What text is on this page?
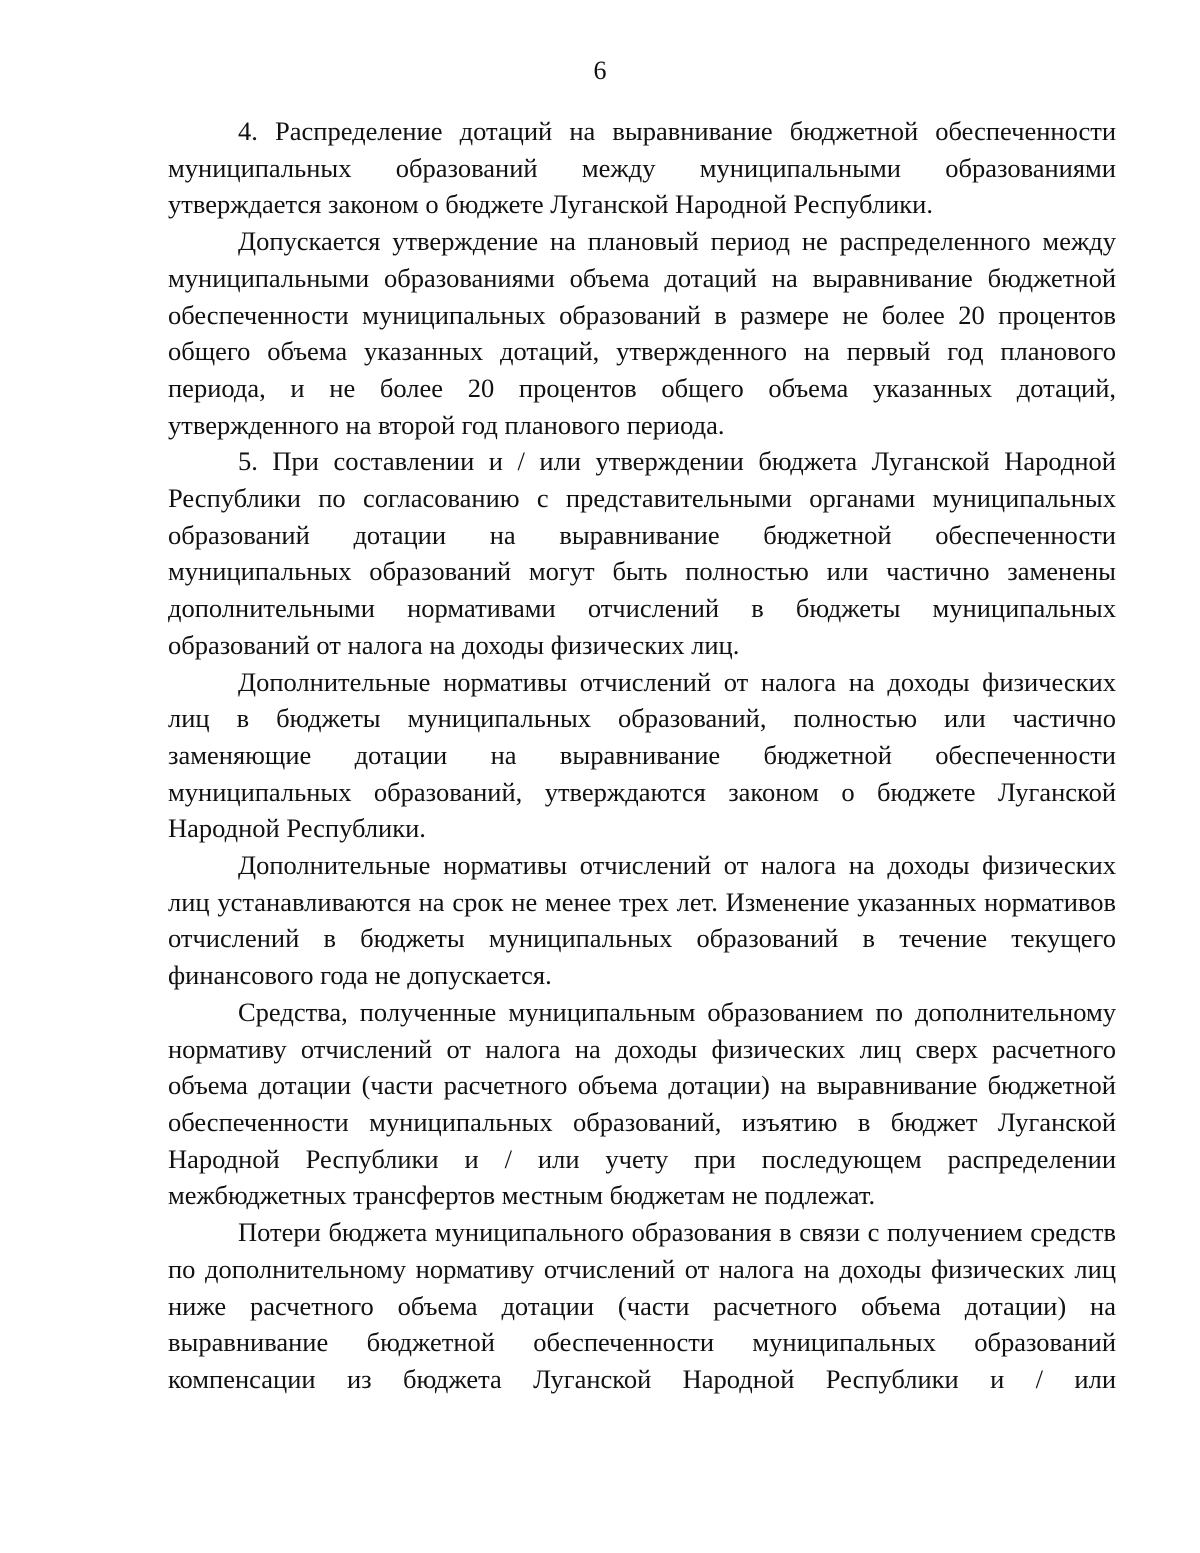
6

4. Распределение дотаций на выравнивание бюджетной обеспеченности муниципальных образований между муниципальными образованиями утверждается законом о бюджете Луганской Народной Республики.

Допускается утверждение на плановый период не распределенного между муниципальными образованиями объема дотаций на выравнивание бюджетной обеспеченности муниципальных образований в размере не более 20 процентов общего объема указанных дотаций, утвержденного на первый год планового периода, и не более 20 процентов общего объема указанных дотаций, утвержденного на второй год планового периода.

5. При составлении и / или утверждении бюджета Луганской Народной Республики по согласованию с представительными органами муниципальных образований дотации на выравнивание бюджетной обеспеченности муниципальных образований могут быть полностью или частично заменены дополнительными нормативами отчислений в бюджеты муниципальных образований от налога на доходы физических лиц.

Дополнительные нормативы отчислений от налога на доходы физических лиц в бюджеты муниципальных образований, полностью или частично заменяющие дотации на выравнивание бюджетной обеспеченности муниципальных образований, утверждаются законом о бюджете Луганской Народной Республики.

Дополнительные нормативы отчислений от налога на доходы физических лиц устанавливаются на срок не менее трех лет. Изменение указанных нормативов отчислений в бюджеты муниципальных образований в течение текущего финансового года не допускается.

Средства, полученные муниципальным образованием по дополнительному нормативу отчислений от налога на доходы физических лиц сверх расчетного объема дотации (части расчетного объема дотации) на выравнивание бюджетной обеспеченности муниципальных образований, изъятию в бюджет Луганской Народной Республики и / или учету при последующем распределении межбюджетных трансфертов местным бюджетам не подлежат.

Потери бюджета муниципального образования в связи с получением средств по дополнительному нормативу отчислений от налога на доходы физических лиц ниже расчетного объема дотации (части расчетного объема дотации) на выравнивание бюджетной обеспеченности муниципальных образований компенсации из бюджета Луганской Народной Республики и / или
